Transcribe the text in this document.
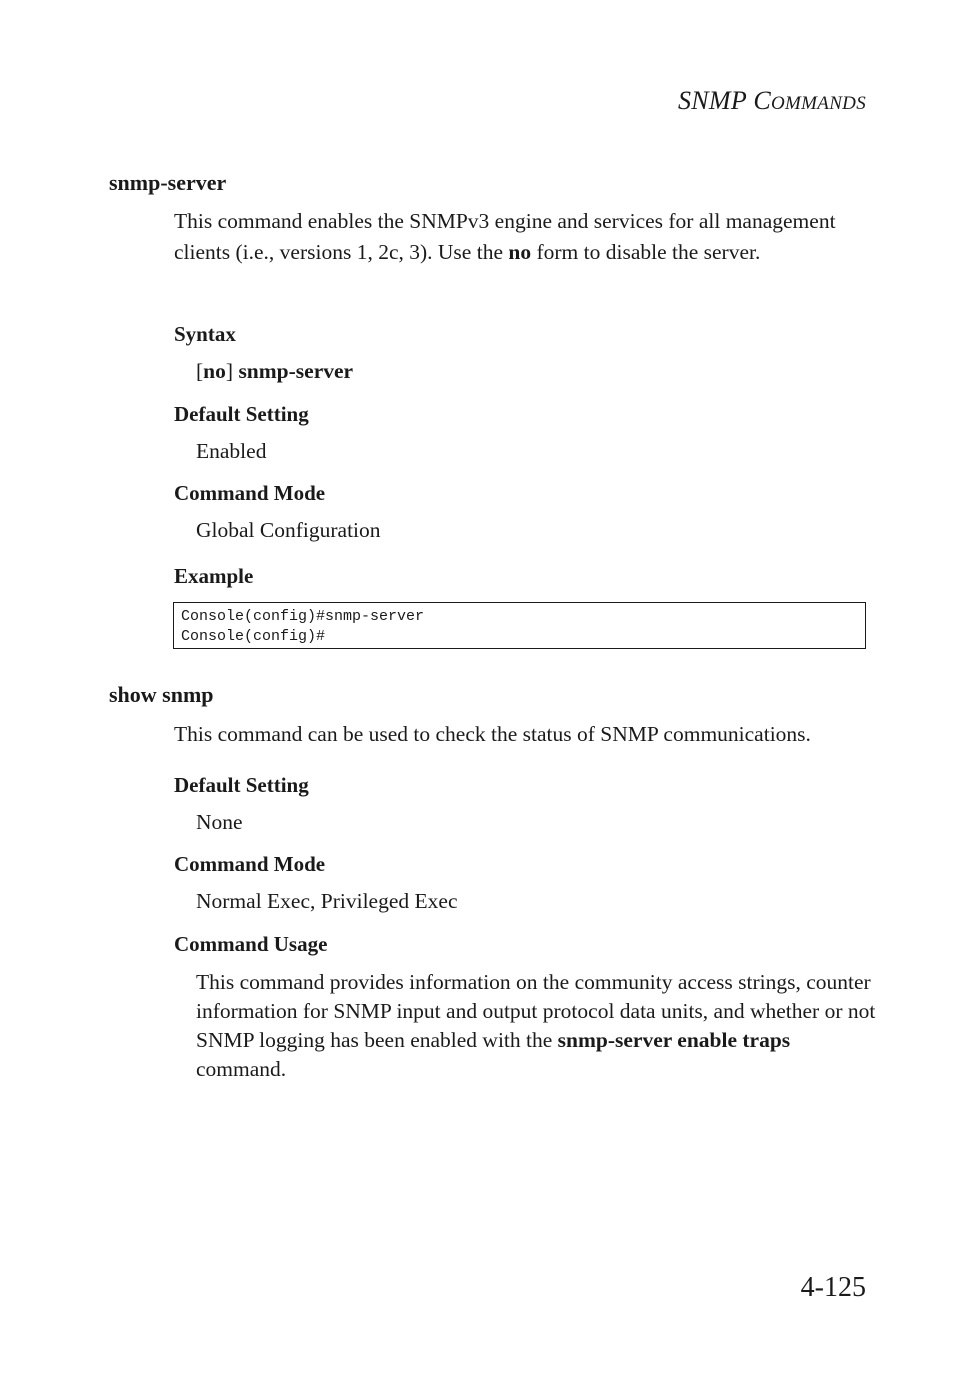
SNMP COMMANDS
snmp-server
This command enables the SNMPv3 engine and services for all management clients (i.e., versions 1, 2c, 3). Use the no form to disable the server.
Syntax
[no] snmp-server
Default Setting
Enabled
Command Mode
Global Configuration
Example
Console(config)#snmp-server
Console(config)#
show snmp
This command can be used to check the status of SNMP communications.
Default Setting
None
Command Mode
Normal Exec, Privileged Exec
Command Usage
This command provides information on the community access strings, counter information for SNMP input and output protocol data units, and whether or not SNMP logging has been enabled with the snmp-server enable traps command.
4-125
